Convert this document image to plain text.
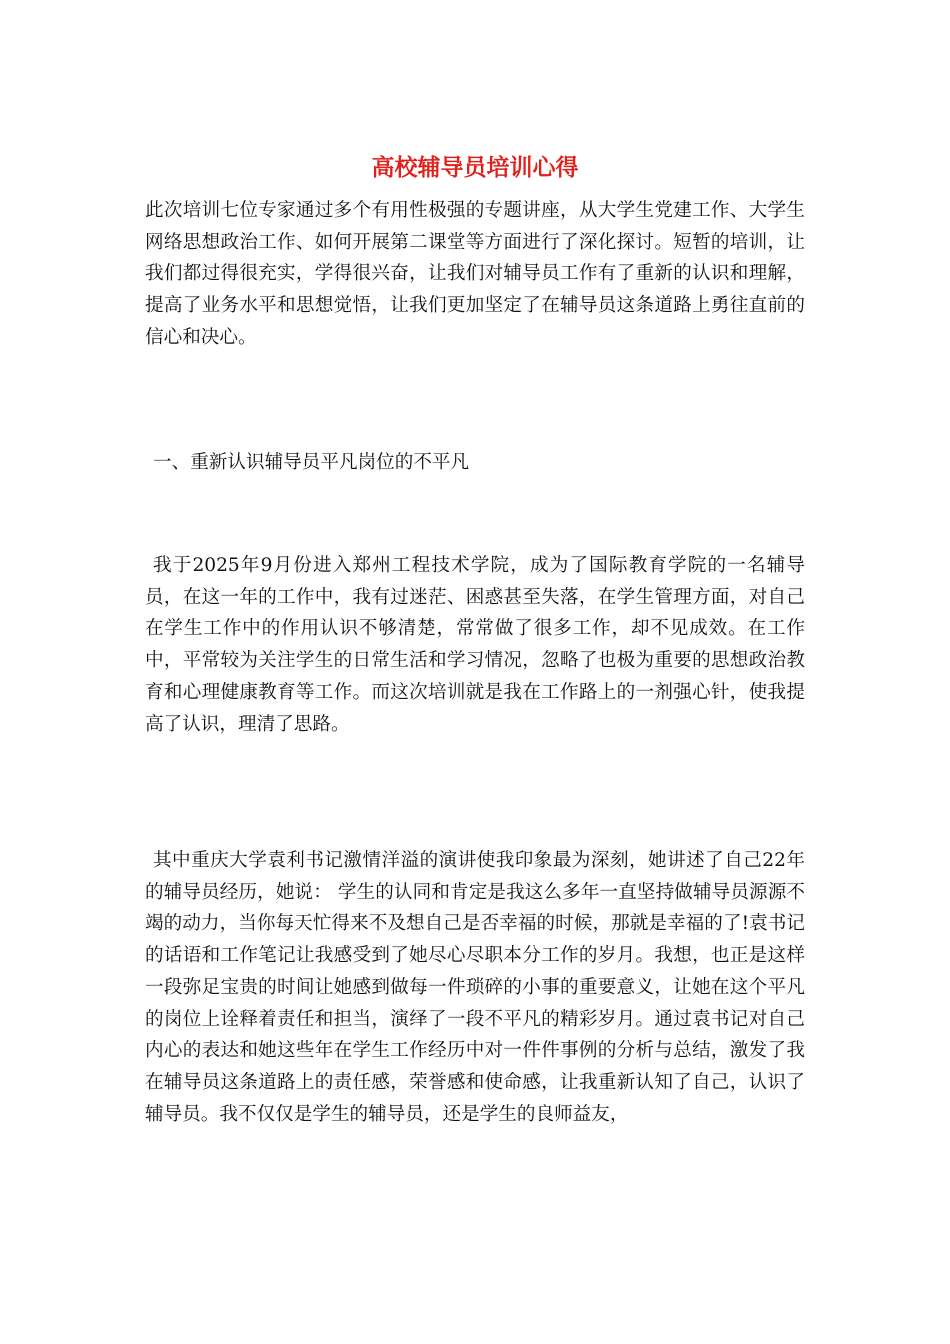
高校辅导员培训心得

此次培训七位专家通过多个有用性极强的专题讲座，从大学生党建工作、大学生网络思想政治工作、如何开展第二课堂等方面进行了深化探讨。短暂的培训，让我们都过得很充实，学得很兴奋，让我们对辅导员工作有了重新的认识和理解，提高了业务水平和思想觉悟，让我们更加坚定了在辅导员这条道路上勇往直前的信心和决心。

一、重新认识辅导员平凡岗位的不平凡

我于2025年9月份进入郑州工程技术学院，成为了国际教育学院的一名辅导员，在这一年的工作中，我有过迷茫、困惑甚至失落，在学生管理方面，对自己在学生工作中的作用认识不够清楚，常常做了很多工作，却不见成效。在工作中，平常较为关注学生的日常生活和学习情况，忽略了也极为重要的思想政治教育和心理健康教育等工作。而这次培训就是我在工作路上的一剂强心针，使我提高了认识，理清了思路。

其中重庆大学袁利书记激情洋溢的演讲使我印象最为深刻，她讲述了自己22年的辅导员经历，她说： 学生的认同和肯定是我这么多年一直坚持做辅导员源源不竭的动力，当你每天忙得来不及想自己是否幸福的时候，那就是幸福的了!袁书记的话语和工作笔记让我感受到了她尽心尽职本分工作的岁月。我想，也正是这样一段弥足宝贵的时间让她感到做每一件琐碎的小事的重要意义，让她在这个平凡的岗位上诠释着责任和担当，演绎了一段不平凡的精彩岁月。通过袁书记对自己内心的表达和她这些年在学生工作经历中对一件件事例的分析与总结，激发了我在辅导员这条道路上的责任感，荣誉感和使命感，让我重新认知了自己，认识了辅导员。我不仅仅是学生的辅导员，还是学生的良师益友，
